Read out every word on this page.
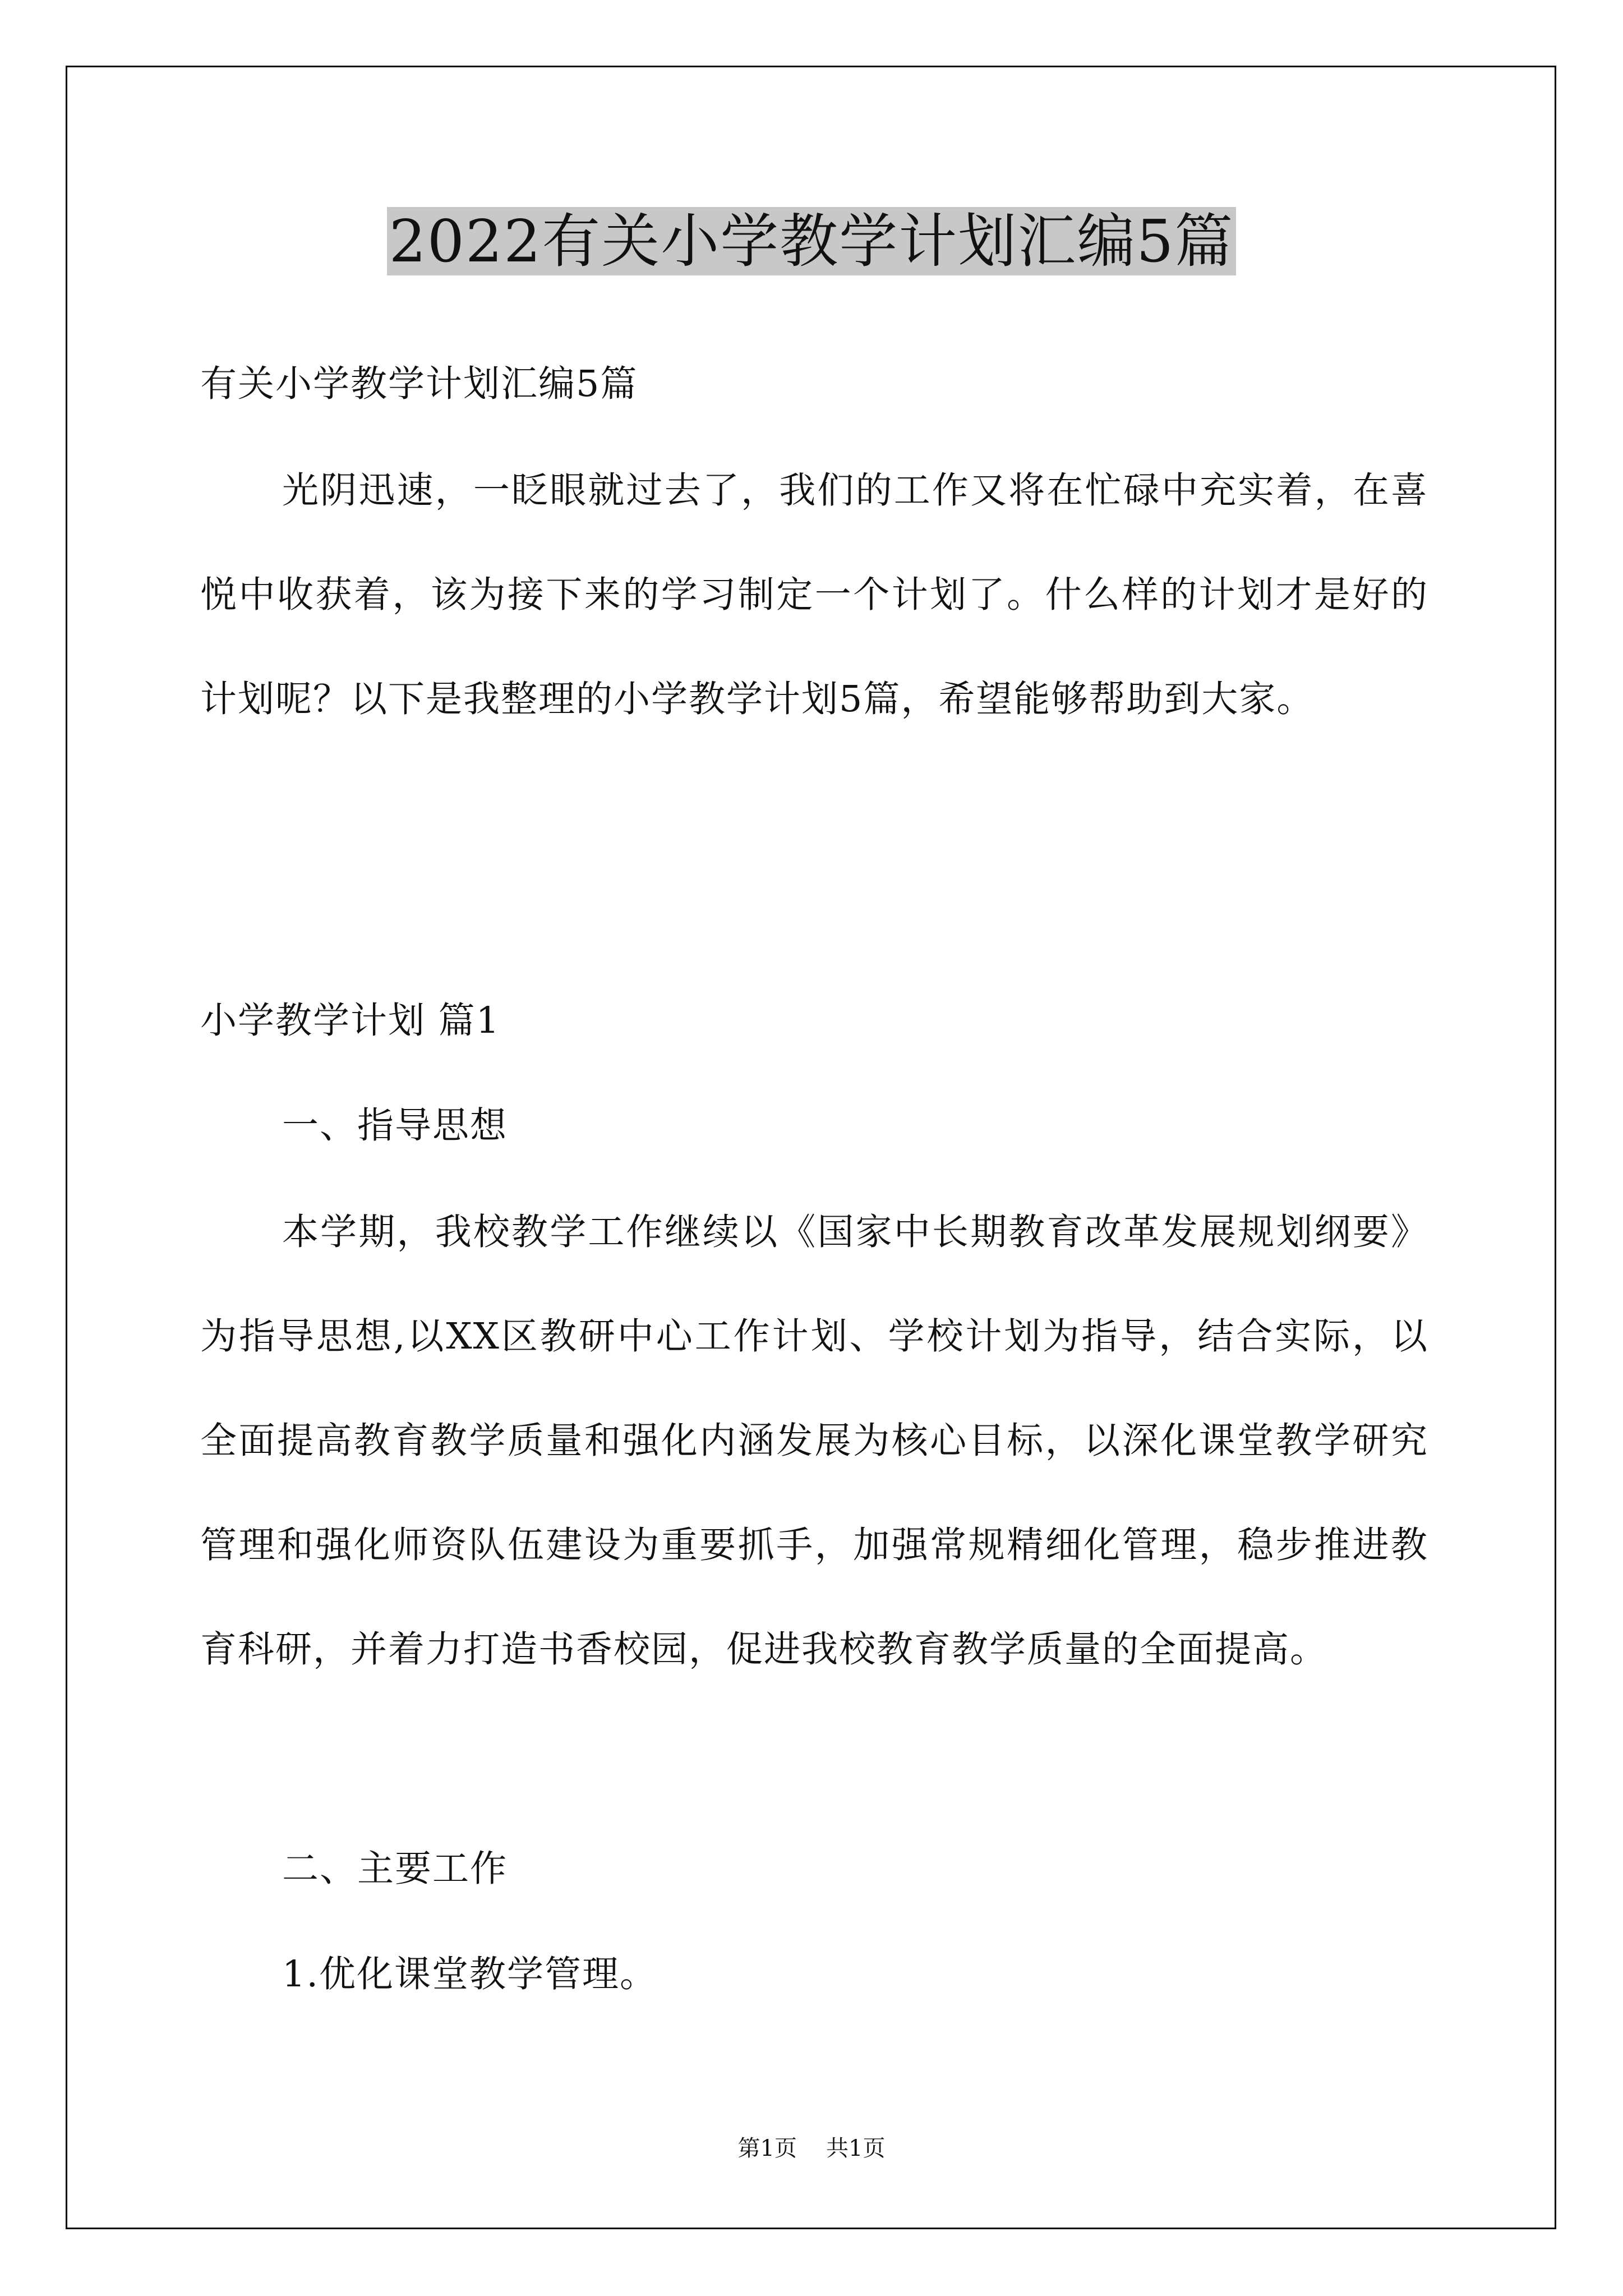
2022有关小学教学计划汇编5篇

有关小学教学计划汇编5篇

光阴迅速，一眨眼就过去了，我们的工作又将在忙碌中充实着，在喜悦中收获着，该为接下来的学习制定一个计划了。什么样的计划才是好的计划呢？以下是我整理的小学教学计划5篇，希望能够帮助到大家。

小学教学计划 篇1

一、指导思想

本学期，我校教学工作继续以《国家中长期教育改革发展规划纲要》为指导思想,以XX区教研中心工作计划、学校计划为指导，结合实际，以全面提高教育教学质量和强化内涵发展为核心目标，以深化课堂教学研究管理和强化师资队伍建设为重要抓手，加强常规精细化管理，稳步推进教育科研，并着力打造书香校园，促进我校教育教学质量的全面提高。

二、主要工作

1.优化课堂教学管理。

第1页 共1页
